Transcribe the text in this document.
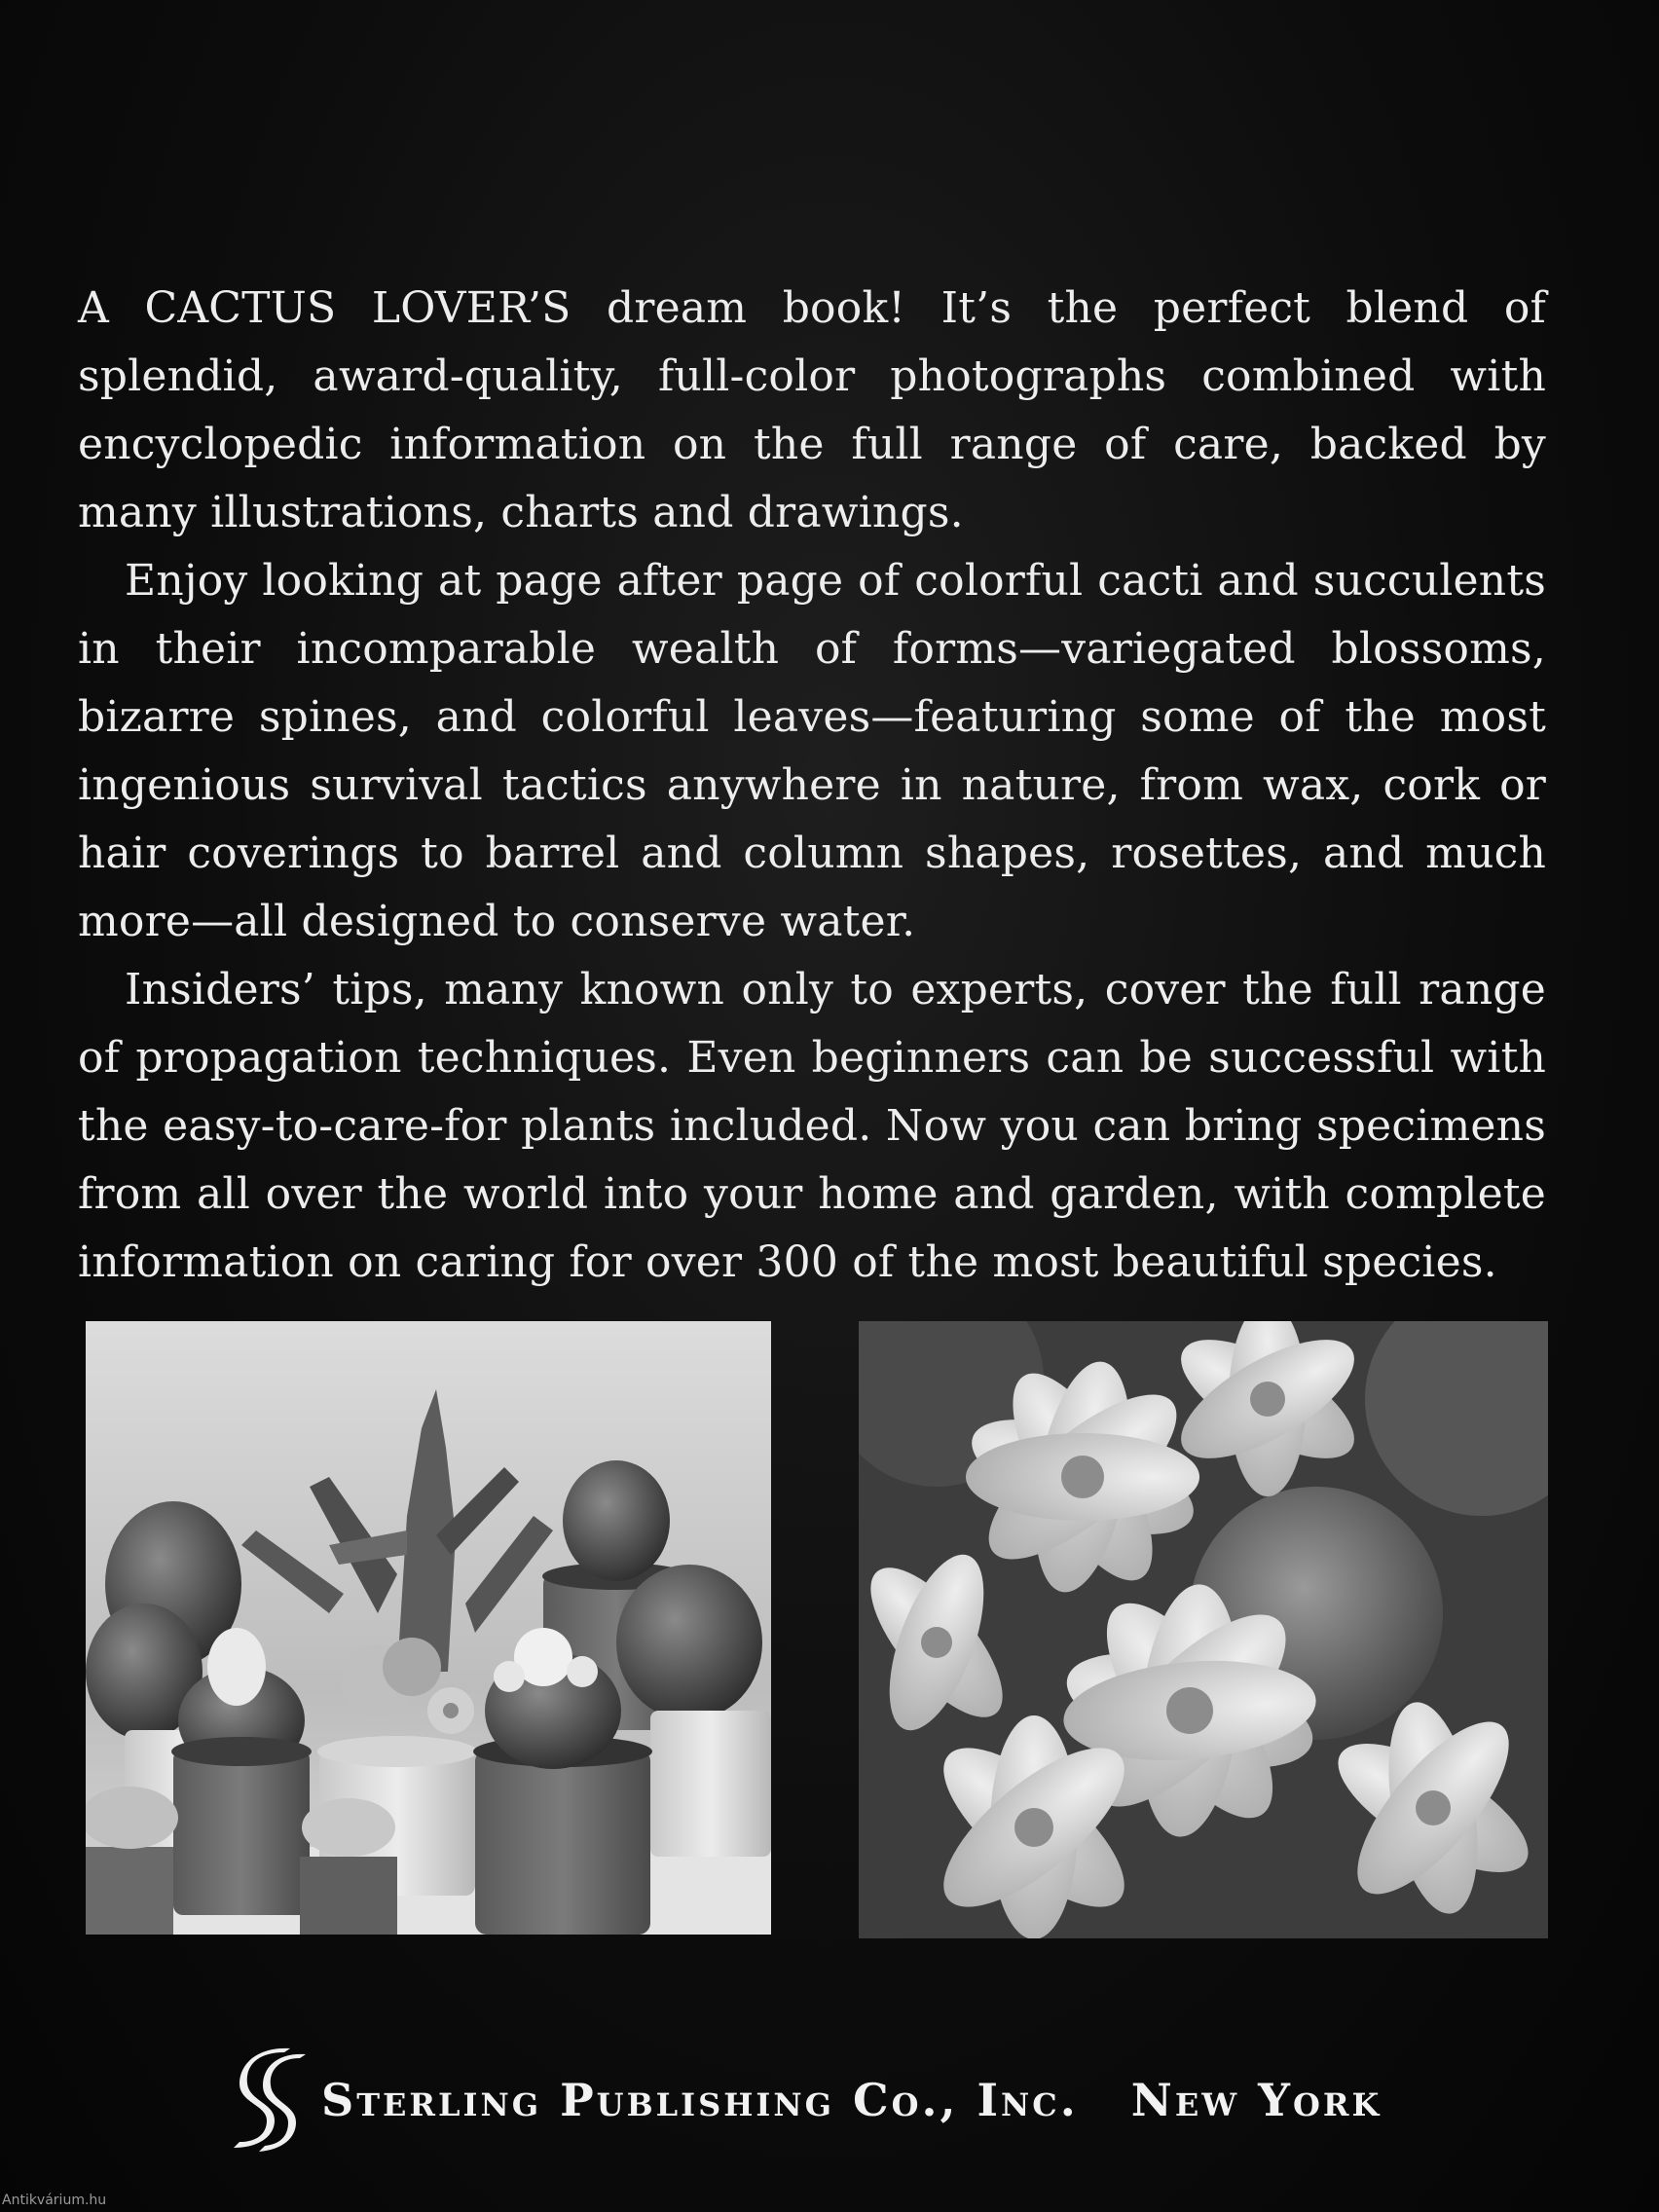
A CACTUS LOVER’S dream book! It’s the perfect blend of splendid, award-quality, full-color photographs combined with encyclopedic information on the full range of care, backed by many illustrations, charts and drawings.

Enjoy looking at page after page of colorful cacti and succulents in their incomparable wealth of forms—variegated blossoms, bizarre spines, and colorful leaves—featuring some of the most ingenious survival tactics anywhere in nature, from wax, cork or hair coverings to barrel and column shapes, rosettes, and much more—all designed to conserve water.

Insiders’ tips, many known only to experts, cover the full range of propagation techniques. Even beginners can be successful with the easy-to-care-for plants included. Now you can bring specimens from all over the world into your home and garden, with complete information on caring for over 300 of the most beautiful species.

Sterling Publishing Co., Inc. New York
Antikvárium.hu
